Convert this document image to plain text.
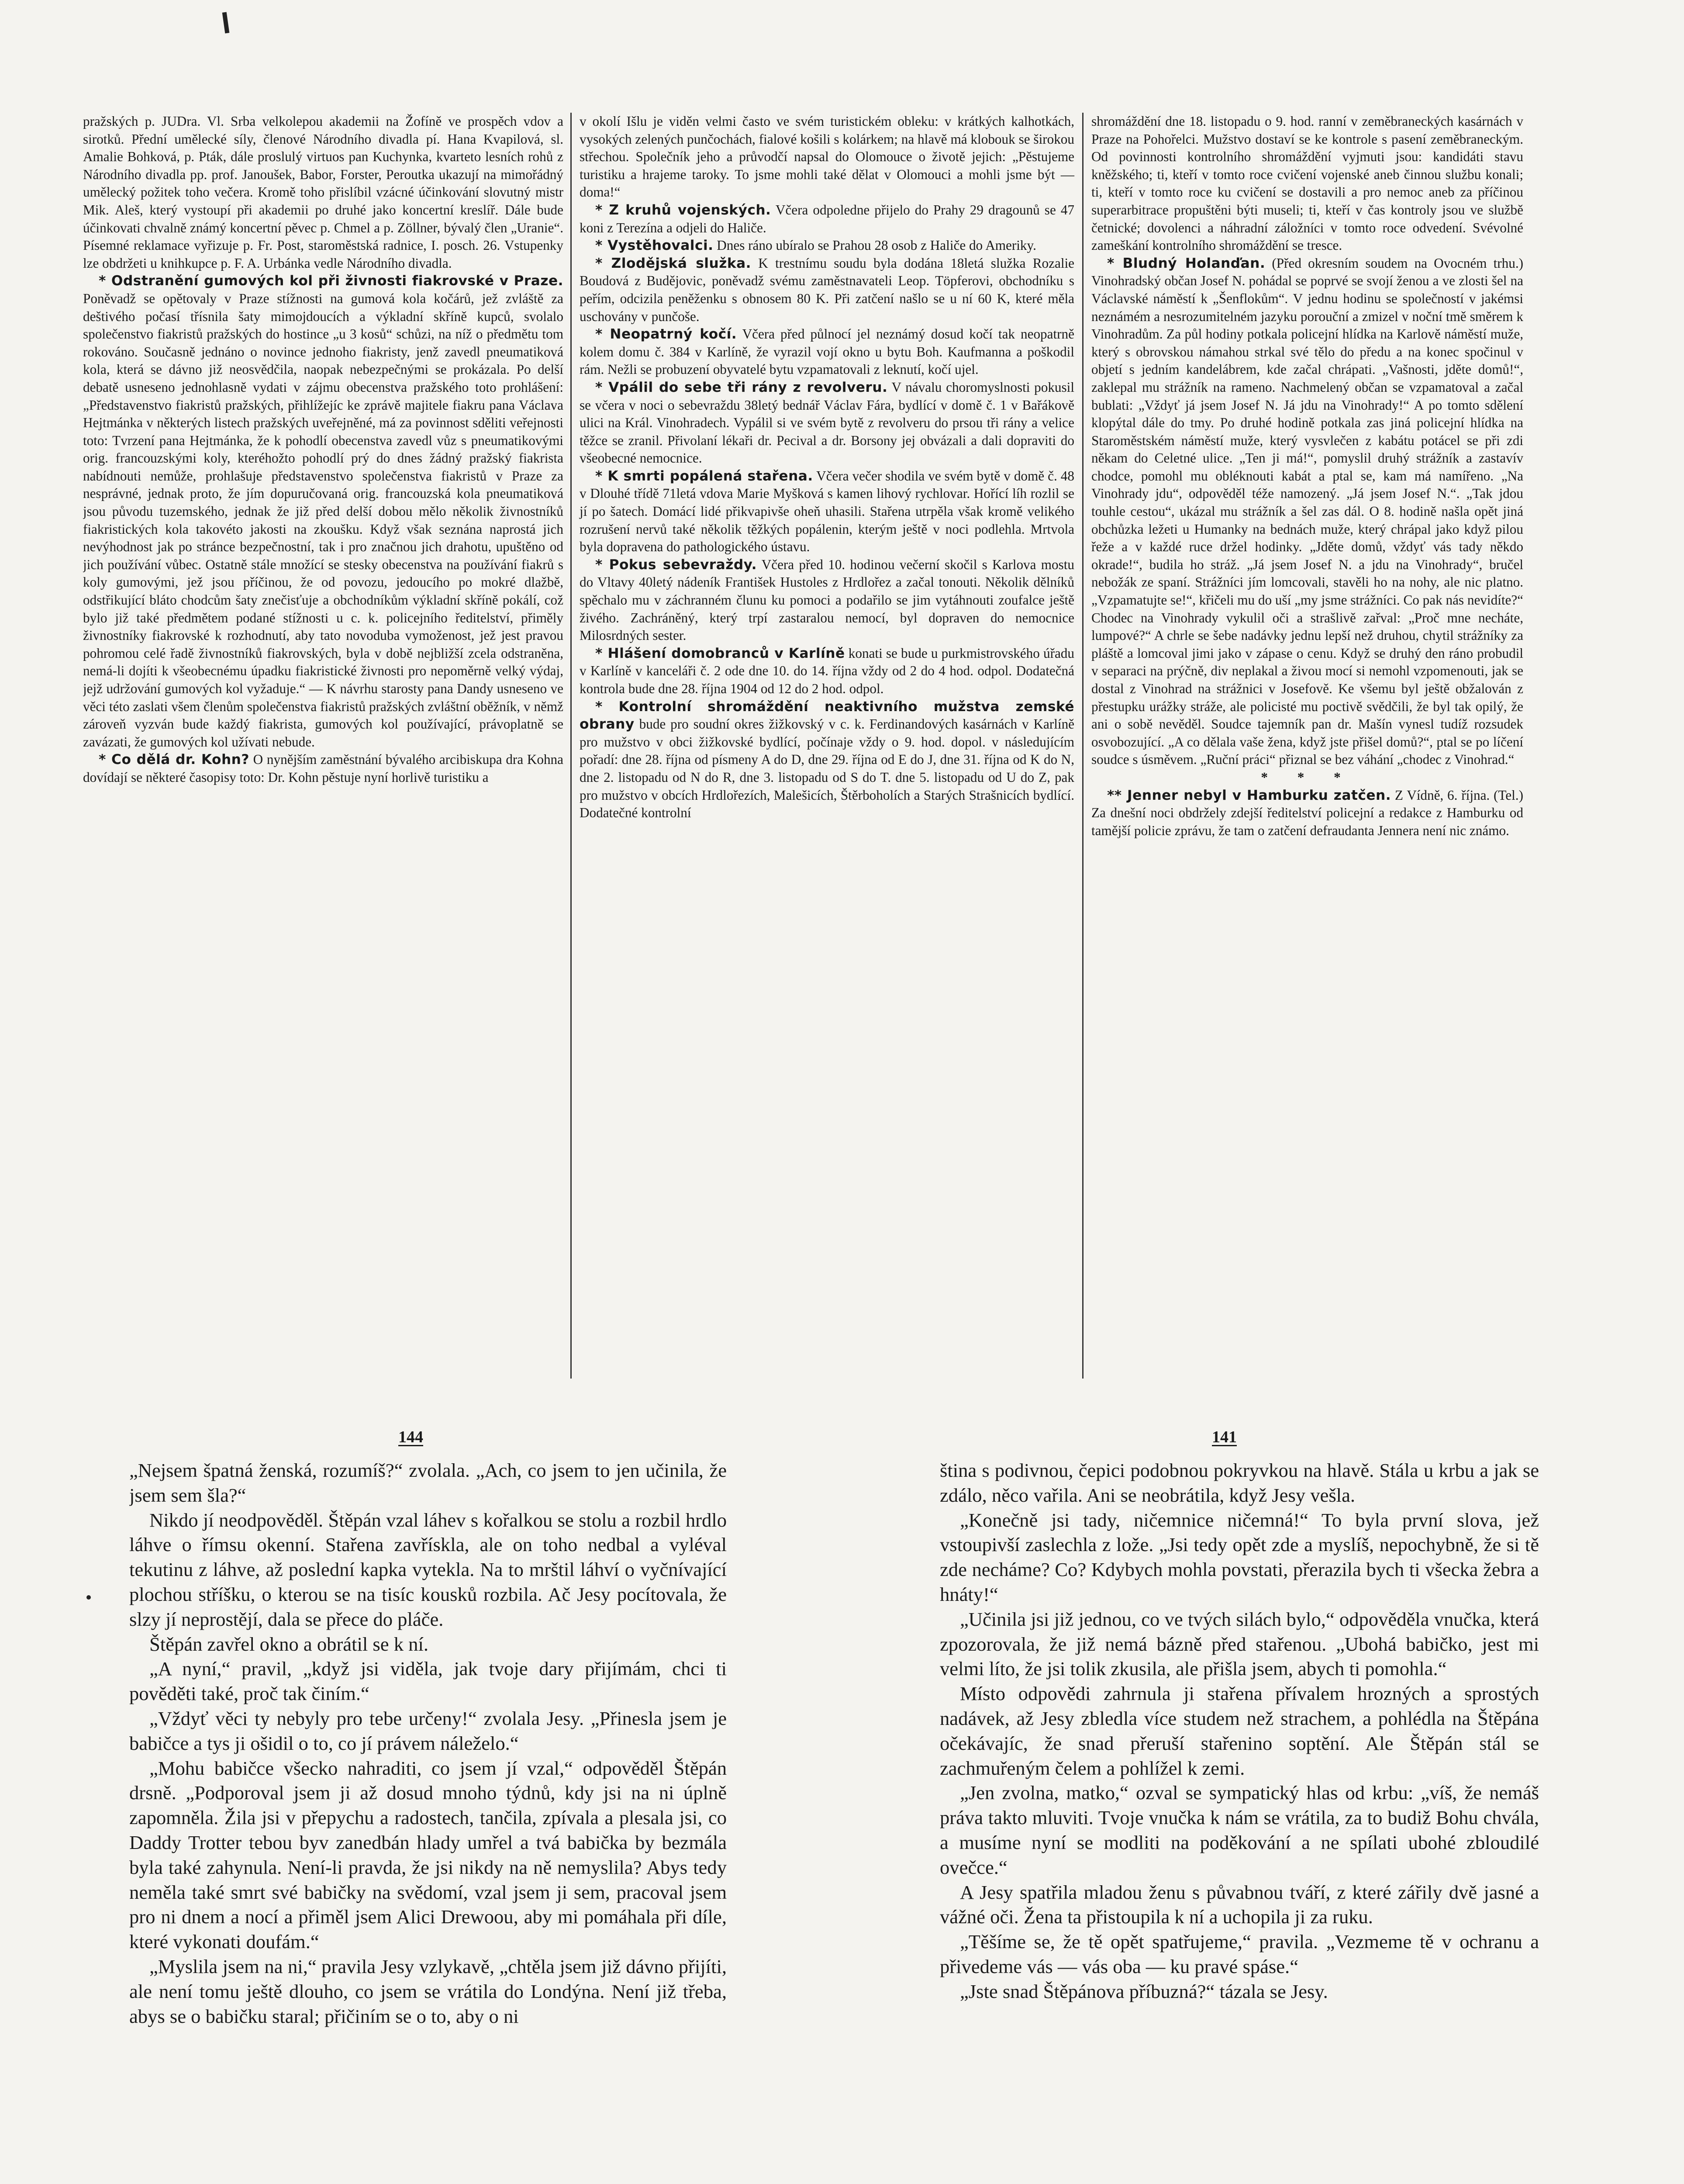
pražských p. JUDra. Vl. Srba velkolepou akademii na Žofíně ve prospěch vdov a sirotků. Přední umělecké síly, členové Národního divadla pí. Hana Kvapilová, sl. Amalie Bohková, p. Pták, dále proslulý virtuos pan Kuchynka, kvarteto lesních rohů z Národního divadla pp. prof. Janoušek, Babor, Forster, Peroutka ukazují na mimořádný umělecký požitek toho večera. Kromě toho přislíbil vzácné účinkování slovutný mistr Mik. Aleš, který vystoupí při akademii po druhé jako koncertní kreslíř. Dále bude účinkovati chvalně známý koncertní pěvec p. Chmel a p. Zöllner, bývalý člen „Uranie“. Písemné reklamace vyřizuje p. Fr. Post, staroměstská radnice, I. posch. 26. Vstupenky lze obdržeti u knihkupce p. F. A. Urbánka vedle Národního divadla.

* Odstranění gumových kol při živnosti fiakrovské v Praze. Poněvadž se opětovaly v Praze stížnosti na gumová kola kočárů, jež zvláště za deštivého počasí třísnila šaty mimojdoucích a výkladní skříně kupců, svolalo společenstvo fiakristů pražských do hostince „u 3 kosů“ schůzi, na níž o předmětu tom rokováno. Současně jednáno o novince jednoho fiakristy, jenž zavedl pneumatiková kola, která se dávno již neosvědčila, naopak nebezpečnými se prokázala. Po delší debatě usneseno jednohlasně vydati v zájmu obecenstva pražského toto prohlášení: „Představenstvo fiakristů pražských, přihlížejíc ke zprávě majitele fiakru pana Václava Hejtmánka v některých listech pražských uveřejněné, má za povinnost sděliti veřejnosti toto: Tvrzení pana Hejtmánka, že k pohodlí obecenstva zavedl vůz s pneumatikovými orig. francouzskými koly, kteréhožto pohodlí prý do dnes žádný pražský fiakrista nabídnouti nemůže, prohlašuje představenstvo společenstva fiakristů v Praze za nesprávné, jednak proto, že jím dopuručovaná orig. francouzská kola pneumatiková jsou původu tuzemského, jednak že již před delší dobou mělo několik živnostníků fiakristických kola takovéto jakosti na zkoušku. Když však seznána naprostá jich nevýhodnost jak po stránce bezpečnostní, tak i pro značnou jich drahotu, upuštěno od jich používání vůbec. Ostatně stále množící se stesky obecenstva na používání fiakrů s koly gumovými, jež jsou příčinou, že od povozu, jedoucího po mokré dlažbě, odstřikující bláto chodcům šaty znečisťuje a obchodníkům výkladní skříně pokálí, což bylo již také předmětem podané stížnosti u c. k. policejního ředitelství, přiměly živnostníky fiakrovské k rozhodnutí, aby tato novoduba vymoženost, jež jest pravou pohromou celé řadě živnostníků fiakrovských, byla v době nejbližší zcela odstraněna, nemá-li dojíti k všeobecnému úpadku fiakristické živnosti pro nepoměrně velký výdaj, jejž udržování gumových kol vyžaduje.“ — K návrhu starosty pana Dandy usneseno ve věci této zaslati všem členům společenstva fiakristů pražských zvláštní oběžník, v němž zároveň vyzván bude každý fiakrista, gumových kol používající, právoplatně se zavázati, že gumových kol užívati nebude.

* Co dělá dr. Kohn? O nynějším zaměstnání bývalého arcibiskupa dra Kohna dovídají se některé časopisy toto: Dr. Kohn pěstuje nyní horlivě turistiku a

v okolí Išlu je viděn velmi často ve svém turistickém obleku: v krátkých kalhotkách, vysokých zelených punčochách, fialové košili s kolárkem; na hlavě má klobouk se širokou střechou. Společník jeho a průvodčí napsal do Olomouce o životě jejich: „Pěstujeme turistiku a hrajeme taroky. To jsme mohli také dělat v Olomouci a mohli jsme být — doma!“

* Z kruhů vojenských. Včera odpoledne přijelo do Prahy 29 dragounů se 47 koni z Terezína a odjeli do Haliče.

* Vystěhovalci. Dnes ráno ubíralo se Prahou 28 osob z Haliče do Ameriky.

* Zlodějská služka. K trestnímu soudu byla dodána 18letá služka Rozalie Boudová z Budějovic, poněvadž svému zaměstnavateli Leop. Töpferovi, obchodníku s peřím, odcizila peněženku s obnosem 80 K. Při zatčení našlo se u ní 60 K, které měla uschovány v punčoše.

* Neopatrný kočí. Včera před půlnocí jel neznámý dosud kočí tak neopatrně kolem domu č. 384 v Karlíně, že vyrazil vojí okno u bytu Boh. Kaufmanna a poškodil rám. Nežli se probuzení obyvatelé bytu vzpamatovali z leknutí, kočí ujel.

* Vpálil do sebe tři rány z revolveru. V návalu choromyslnosti pokusil se včera v noci o sebevraždu 38letý bednář Václav Fára, bydlící v domě č. 1 v Bařákově ulici na Král. Vinohradech. Vypálil si ve svém bytě z revolveru do prsou tři rány a velice těžce se zranil. Přivolaní lékaři dr. Pecival a dr. Borsony jej obvázali a dali dopraviti do všeobecné nemocnice.

* K smrti popálená stařena. Včera večer shodila ve svém bytě v domě č. 48 v Dlouhé třídě 71letá vdova Marie Myšková s kamen lihový rychlovar. Hořící líh rozlil se jí po šatech. Domácí lidé přikvapivše oheň uhasili. Stařena utrpěla však kromě velikého rozrušení nervů také několik těžkých popálenin, kterým ještě v noci podlehla. Mrtvola byla dopravena do pathologického ústavu.

* Pokus sebevraždy. Včera před 10. hodinou večerní skočil s Karlova mostu do Vltavy 40letý nádeník František Hustoles z Hrdlořez a začal tonouti. Několik dělníků spěchalo mu v záchranném člunu ku pomoci a podařilo se jim vytáhnouti zoufalce ještě živého. Zachráněný, který trpí zastaralou nemocí, byl dopraven do nemocnice Milosrdných sester.

* Hlášení domobranců v Karlíně konati se bude u purkmistrovského úřadu v Karlíně v kanceláři č. 2 ode dne 10. do 14. října vždy od 2 do 4 hod. odpol. Dodatečná kontrola bude dne 28. října 1904 od 12 do 2 hod. odpol.

* Kontrolní shromáždění neaktivního mužstva zemské obrany bude pro soudní okres žižkovský v c. k. Ferdinandových kasárnách v Karlíně pro mužstvo v obci žižkovské bydlící, počínaje vždy o 9. hod. dopol. v následujícím pořadí: dne 28. října od písmeny A do D, dne 29. října od E do J, dne 31. října od K do N, dne 2. listopadu od N do R, dne 3. listopadu od S do T. dne 5. listopadu od U do Z, pak pro mužstvo v obcích Hrdlořezích, Malešicích, Štěrboholích a Starých Strašnicích bydlící. Dodatečné kontrolní

shromáždění dne 18. listopadu o 9. hod. ranní v zeměbraneckých kasárnách v Praze na Pohořelci. Mužstvo dostaví se ke kontrole s pasení zeměbraneckým. Od povinnosti kontrolního shromáždění vyjmuti jsou: kandidáti stavu kněžského; ti, kteří v tomto roce cvičení vojenské aneb činnou službu konali; ti, kteří v tomto roce ku cvičení se dostavili a pro nemoc aneb za příčinou superarbitrace propuštěni býti museli; ti, kteří v čas kontroly jsou ve službě četnické; dovolenci a náhradní záložníci v tomto roce odvedení. Svévolné zameškání kontrolního shromáždění se tresce.

* Bludný Holanďan. (Před okresním soudem na Ovocném trhu.) Vinohradský občan Josef N. pohádal se poprvé se svojí ženou a ve zlosti šel na Václavské náměstí k „Šenflokům“. V jednu hodinu se společností v jakémsi neznámém a nesrozumitelném jazyku porouční a zmizel v noční tmě směrem k Vinohradům. Za půl hodiny potkala policejní hlídka na Karlově náměstí muže, který s obrovskou námahou strkal své tělo do předu a na konec spočinul v objetí s jedním kandelábrem, kde začal chrápati. „Vašnosti, jděte domů!“, zaklepal mu strážník na rameno. Nachmelený občan se vzpamatoval a začal bublati: „Vždyť já jsem Josef N. Já jdu na Vinohrady!“ A po tomto sdělení klopýtal dále do tmy. Po druhé hodině potkala zas jiná policejní hlídka na Staroměstském náměstí muže, který vysvlečen z kabátu potácel se při zdi někam do Celetné ulice. „Ten ji má!“, pomyslil druhý strážník a zastavív chodce, pomohl mu obléknouti kabát a ptal se, kam má namířeno. „Na Vinohrady jdu“, odpověděl téže namozený. „Já jsem Josef N.“. „Tak jdou touhle cestou“, ukázal mu strážník a šel zas dál. O 8. hodině našla opět jiná obchůzka ležeti u Humanky na bednách muže, který chrápal jako když pilou řeže a v každé ruce držel hodinky. „Jděte domů, vždyť vás tady někdo okrade!“, budila ho stráž. „Já jsem Josef N. a jdu na Vinohrady“, bručel nebožák ze spaní. Strážníci jím lomcovali, stavěli ho na nohy, ale nic platno. „Vzpamatujte se!“, křičeli mu do uší „my jsme strážníci. Co pak nás nevidíte?“ Chodec na Vinohrady vykulil oči a strašlivě zařval: „Proč mne necháte, lumpové?“ A chrle se šebe nadávky jednu lepší než druhou, chytil strážníky za pláště a lomcoval jimi jako v zápase o cenu. Když se druhý den ráno probudil v separaci na prýčně, div neplakal a živou mocí si nemohl vzpomenouti, jak se dostal z Vinohrad na strážnici v Josefově. Ke všemu byl ještě obžalován z přestupku urážky stráže, ale policisté mu poctivě svědčili, že byl tak opilý, že ani o sobě nevěděl. Soudce tajemník pan dr. Mašín vynesl tudíž rozsudek osvobozující. „A co dělala vaše žena, když jste přišel domů?“, ptal se po líčení soudce s úsměvem. „Ruční práci“ přiznal se bez váhání „chodec z Vinohrad.“

* * *

** Jenner nebyl v Hamburku zatčen. Z Vídně, 6. října. (Tel.) Za dnešní noci obdržely zdejší ředitelství policejní a redakce z Hamburku od tamější policie zprávu, že tam o zatčení defraudanta Jennera není nic známo.

144	141

„Nejsem špatná ženská, rozumíš?“ zvolala. „Ach, co jsem to jen učinila, že jsem sem šla?“

Nikdo jí neodpověděl. Štěpán vzal láhev s kořalkou se stolu a rozbil hrdlo láhve o římsu okenní. Stařena zavřískla, ale on toho nedbal a vyléval tekutinu z láhve, až poslední kapka vytekla. Na to mrštil láhví o vyčnívající plochou stříšku, o kterou se na tisíc kousků rozbila. Ač Jesy pocítovala, že slzy jí neprostějí, dala se přece do pláče.

Štěpán zavřel okno a obrátil se k ní.

„A nyní,“ pravil, „když jsi viděla, jak tvoje dary přijímám, chci ti pověděti také, proč tak činím.“

„Vždyť věci ty nebyly pro tebe určeny!“ zvolala Jesy. „Přinesla jsem je babičce a tys ji ošidil o to, co jí právem náleželo.“

„Mohu babičce všecko nahraditi, co jsem jí vzal,“ odpověděl Štěpán drsně. „Podporoval jsem ji až dosud mnoho týdnů, kdy jsi na ni úplně zapomněla. Žila jsi v přepychu a radostech, tančila, zpívala a plesala jsi, co Daddy Trotter tebou byv zanedbán hlady umřel a tvá babička by bezmála byla také zahynula. Není-li pravda, že jsi nikdy na ně nemyslila? Abys tedy neměla také smrt své babičky na svědomí, vzal jsem ji sem, pracoval jsem pro ni dnem a nocí a přiměl jsem Alici Drewoou, aby mi pomáhala při díle, které vykonati doufám.“

„Myslila jsem na ni,“ pravila Jesy vzlykavě, „chtěla jsem již dávno přijíti, ale není tomu ještě dlouho, co jsem se vrátila do Londýna. Není již třeba, abys se o babičku staral; přičiním se o to, aby o ni

ština s podivnou, čepici podobnou pokryvkou na hlavě. Stála u krbu a jak se zdálo, něco vařila. Ani se neobrátila, když Jesy vešla.

„Konečně jsi tady, ničemnice ničemná!“ To byla první slova, jež vstoupivší zaslechla z lože. „Jsi tedy opět zde a myslíš, nepochybně, že si tě zde necháme? Co? Kdybych mohla povstati, přerazila bych ti všecka žebra a hnáty!“

„Učinila jsi již jednou, co ve tvých silách bylo,“ odpověděla vnučka, která zpozorovala, že již nemá bázně před stařenou. „Ubohá babičko, jest mi velmi líto, že jsi tolik zkusila, ale přišla jsem, abych ti pomohla.“

Místo odpovědi zahrnula ji stařena přívalem hrozných a sprostých nadávek, až Jesy zbledla více studem než strachem, a pohlédla na Štěpána očekávajíc, že snad přeruší stařenino soptění. Ale Štěpán stál se zachmuřeným čelem a pohlížel k zemi.

„Jen zvolna, matko,“ ozval se sympatický hlas od krbu: „víš, že nemáš práva takto mluviti. Tvoje vnučka k nám se vrátila, za to budiž Bohu chvála, a musíme nyní se modliti na poděkování a ne spílati ubohé zbloudilé ovečce.“

A Jesy spatřila mladou ženu s půvabnou tváří, z které zářily dvě jasné a vážné oči. Žena ta přistoupila k ní a uchopila ji za ruku.

„Těšíme se, že tě opět spatřujeme,“ pravila. „Vezmeme tě v ochranu a přivedeme vás — vás oba — ku pravé spáse.“

„Jste snad Štěpánova příbuzná?“ tázala se Jesy.
